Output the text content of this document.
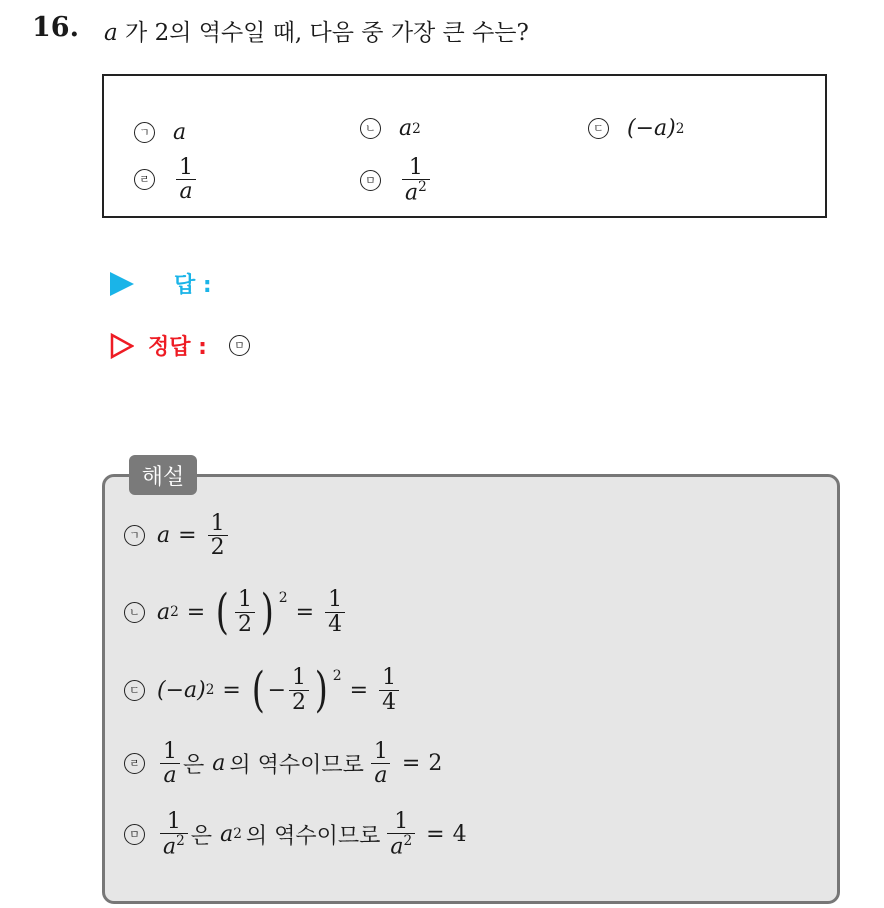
16. a 가 2의 역수일 때, 다음 중 가장 큰 수는?
ㄱ a	ㄴ a 2	ㄷ (−a) 2
ㄹ $\frac{1}{a}$	ㅁ $\frac{1}{a^2}$
답 :
정답 :	ㅁ
해설
ㄱ $a = \frac{1}{2}$
ㄴ a 2 = ( $\frac{1}{2}$ ) 2
= $\frac{1}{4}$
ㄷ (−a) 2 = ( − $\frac{1}{2}$ ) 2
= $\frac{1}{4}$
ㄹ $\frac{1}{a}$ 은 a 의 역수이므로 $\frac{1}{a} = 2$
ㅁ $\frac{1}{a^2}$ 은 a 2 의 역수이므로 $\frac{1}{a^2} = 4$
